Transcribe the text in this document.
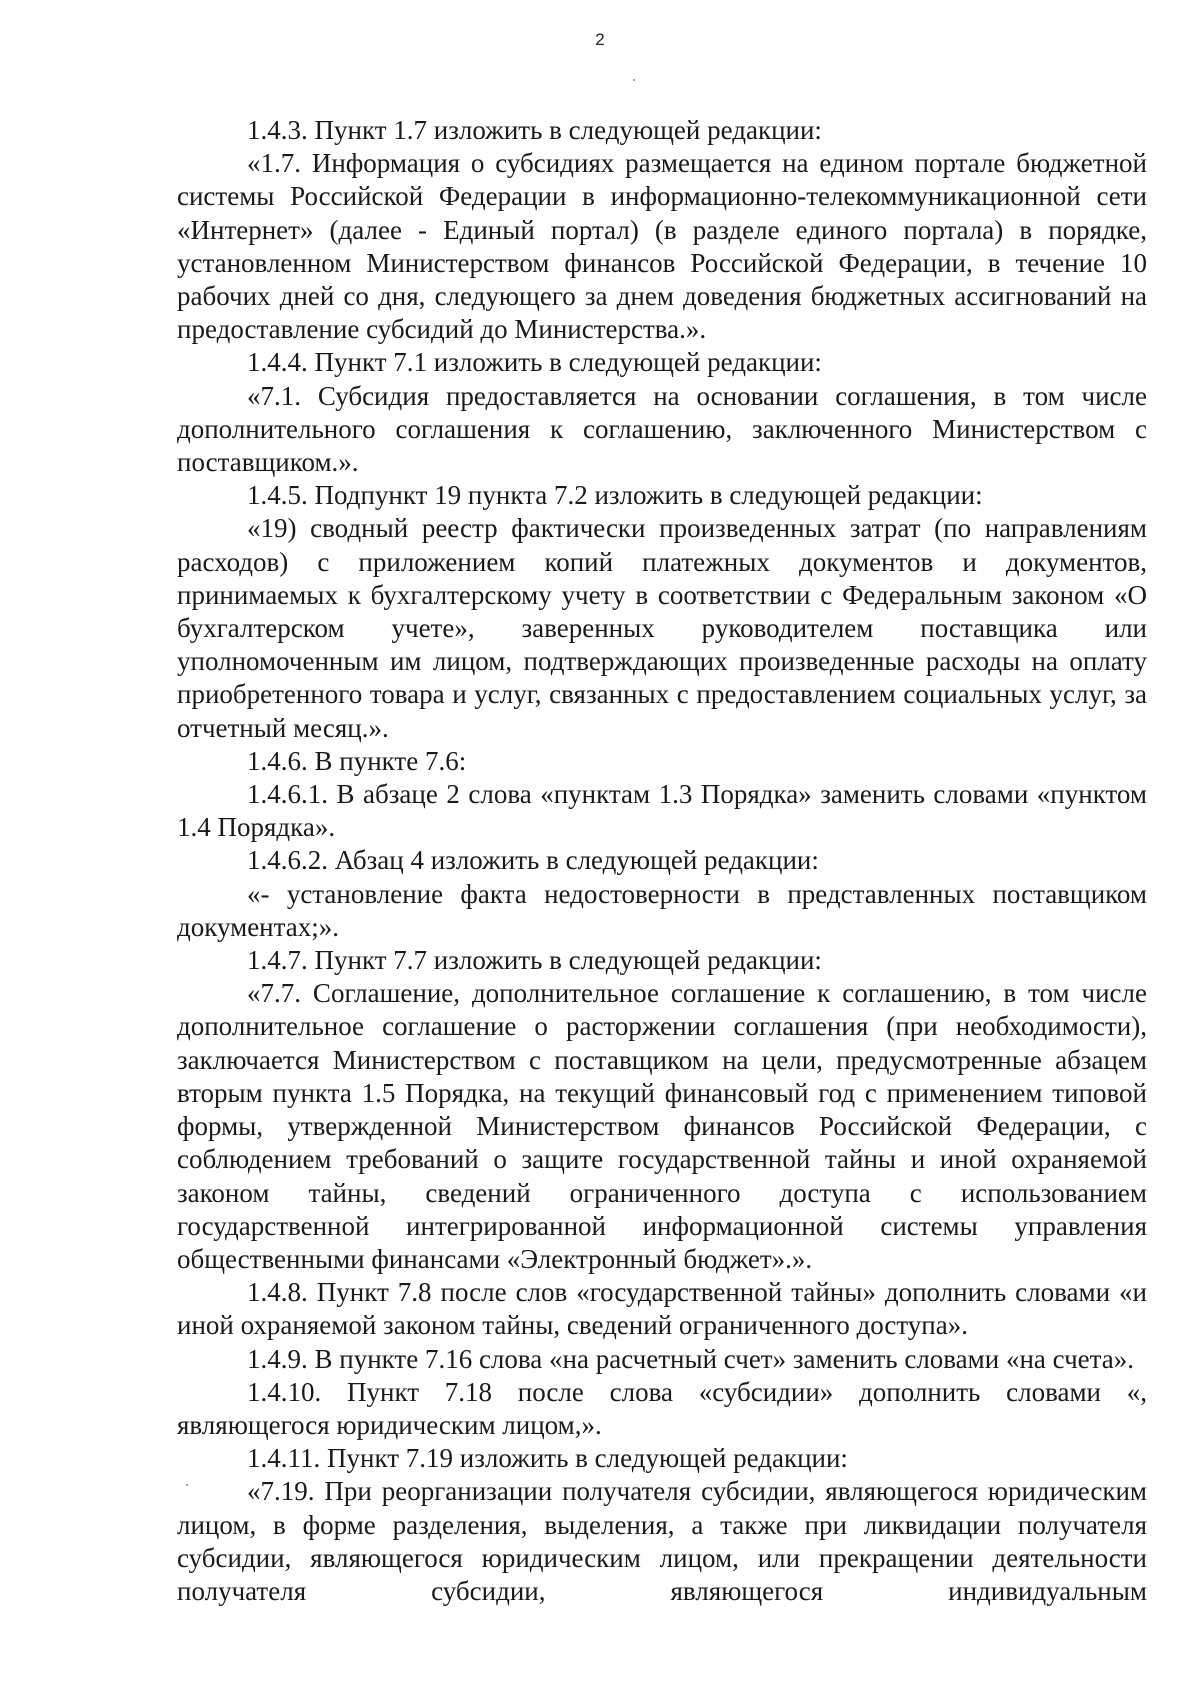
2

1.4.3. Пункт 1.7 изложить в следующей редакции:

«1.7. Информация о субсидиях размещается на едином портале бюджетной системы Российской Федерации в информационно-телекоммуникационной сети «Интернет» (далее - Единый портал) (в разделе единого портала) в порядке, установленном Министерством финансов Российской Федерации, в течение 10 рабочих дней со дня, следующего за днем доведения бюджетных ассигнований на предоставление субсидий до Министерства.».

1.4.4. Пункт 7.1 изложить в следующей редакции:

«7.1. Субсидия предоставляется на основании соглашения, в том числе дополнительного соглашения к соглашению, заключенного Министерством с поставщиком.».

1.4.5. Подпункт 19 пункта 7.2 изложить в следующей редакции:

«19) сводный реестр фактически произведенных затрат (по направлениям расходов) с приложением копий платежных документов и документов, принимаемых к бухгалтерскому учету в соответствии с Федеральным законом «О бухгалтерском учете», заверенных руководителем поставщика или уполномоченным им лицом, подтверждающих произведенные расходы на оплату приобретенного товара и услуг, связанных с предоставлением социальных услуг, за отчетный месяц.».

1.4.6. В пункте 7.6:

1.4.6.1. В абзаце 2 слова «пунктам 1.3 Порядка» заменить словами «пунктом 1.4 Порядка».

1.4.6.2. Абзац 4 изложить в следующей редакции:

«- установление факта недостоверности в представленных поставщиком документах;».

1.4.7. Пункт 7.7 изложить в следующей редакции:

«7.7. Соглашение, дополнительное соглашение к соглашению, в том числе дополнительное соглашение о расторжении соглашения (при необходимости), заключается Министерством с поставщиком на цели, предусмотренные абзацем вторым пункта 1.5 Порядка, на текущий финансовый год с применением типовой формы, утвержденной Министерством финансов Российской Федерации, с соблюдением требований о защите государственной тайны и иной охраняемой законом тайны, сведений ограниченного доступа с использованием государственной интегрированной информационной системы управления общественными финансами «Электронный бюджет».».

1.4.8. Пункт 7.8 после слов «государственной тайны» дополнить словами «и иной охраняемой законом тайны, сведений ограниченного доступа».

1.4.9. В пункте 7.16 слова «на расчетный счет» заменить словами «на счета».

1.4.10. Пункт 7.18 после слова «субсидии» дополнить словами «, являющегося юридическим лицом,».

1.4.11. Пункт 7.19 изложить в следующей редакции:

«7.19. При реорганизации получателя субсидии, являющегося юридическим лицом, в форме разделения, выделения, а также при ликвидации получателя субсидии, являющегося юридическим лицом, или прекращении деятельности получателя субсидии, являющегося индивидуальным
